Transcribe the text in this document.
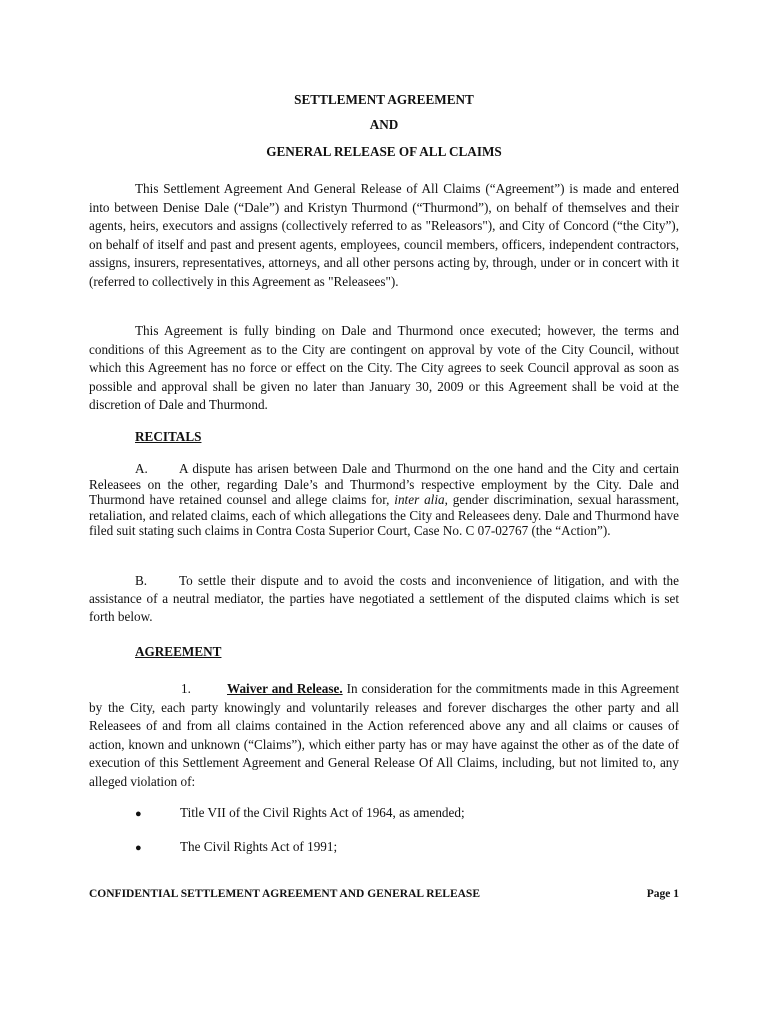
SETTLEMENT AGREEMENT
AND
GENERAL RELEASE OF ALL CLAIMS

This Settlement Agreement And General Release of All Claims (“Agreement”) is made and entered into between Denise Dale (“Dale”) and Kristyn Thurmond (“Thurmond”), on behalf of themselves and their agents, heirs, executors and assigns (collectively referred to as "Releasors"), and City of Concord (“the City”), on behalf of itself and past and present agents, employees, council members, officers, independent contractors, assigns, insurers, representatives, attorneys, and all other persons acting by, through, under or in concert with it (referred to collectively in this Agreement as "Releasees").

This Agreement is fully binding on Dale and Thurmond once executed; however, the terms and conditions of this Agreement as to the City are contingent on approval by vote of the City Council, without which this Agreement has no force or effect on the City. The City agrees to seek Council approval as soon as possible and approval shall be given no later than January 30, 2009 or this Agreement shall be void at the discretion of Dale and Thurmond.

RECITALS

A. A dispute has arisen between Dale and Thurmond on the one hand and the City and certain Releasees on the other, regarding Dale’s and Thurmond’s respective employment by the City. Dale and Thurmond have retained counsel and allege claims for, inter alia, gender discrimination, sexual harassment, retaliation, and related claims, each of which allegations the City and Releasees deny. Dale and Thurmond have filed suit stating such claims in Contra Costa Superior Court, Case No. C 07-02767 (the “Action”).

B. To settle their dispute and to avoid the costs and inconvenience of litigation, and with the assistance of a neutral mediator, the parties have negotiated a settlement of the disputed claims which is set forth below.

AGREEMENT

1.	Waiver and Release. In consideration for the commitments made in this Agreement by the City, each party knowingly and voluntarily releases and forever discharges the other party and all Releasees of and from all claims contained in the Action referenced above any and all claims or causes of action, known and unknown (“Claims”), which either party has or may have against the other as of the date of execution of this Settlement Agreement and General Release Of All Claims, including, but not limited to, any alleged violation of:

●	Title VII of the Civil Rights Act of 1964, as amended;
●	The Civil Rights Act of 1991;
CONFIDENTIAL SETTLEMENT AGREEMENT AND GENERAL RELEASE	Page 1
